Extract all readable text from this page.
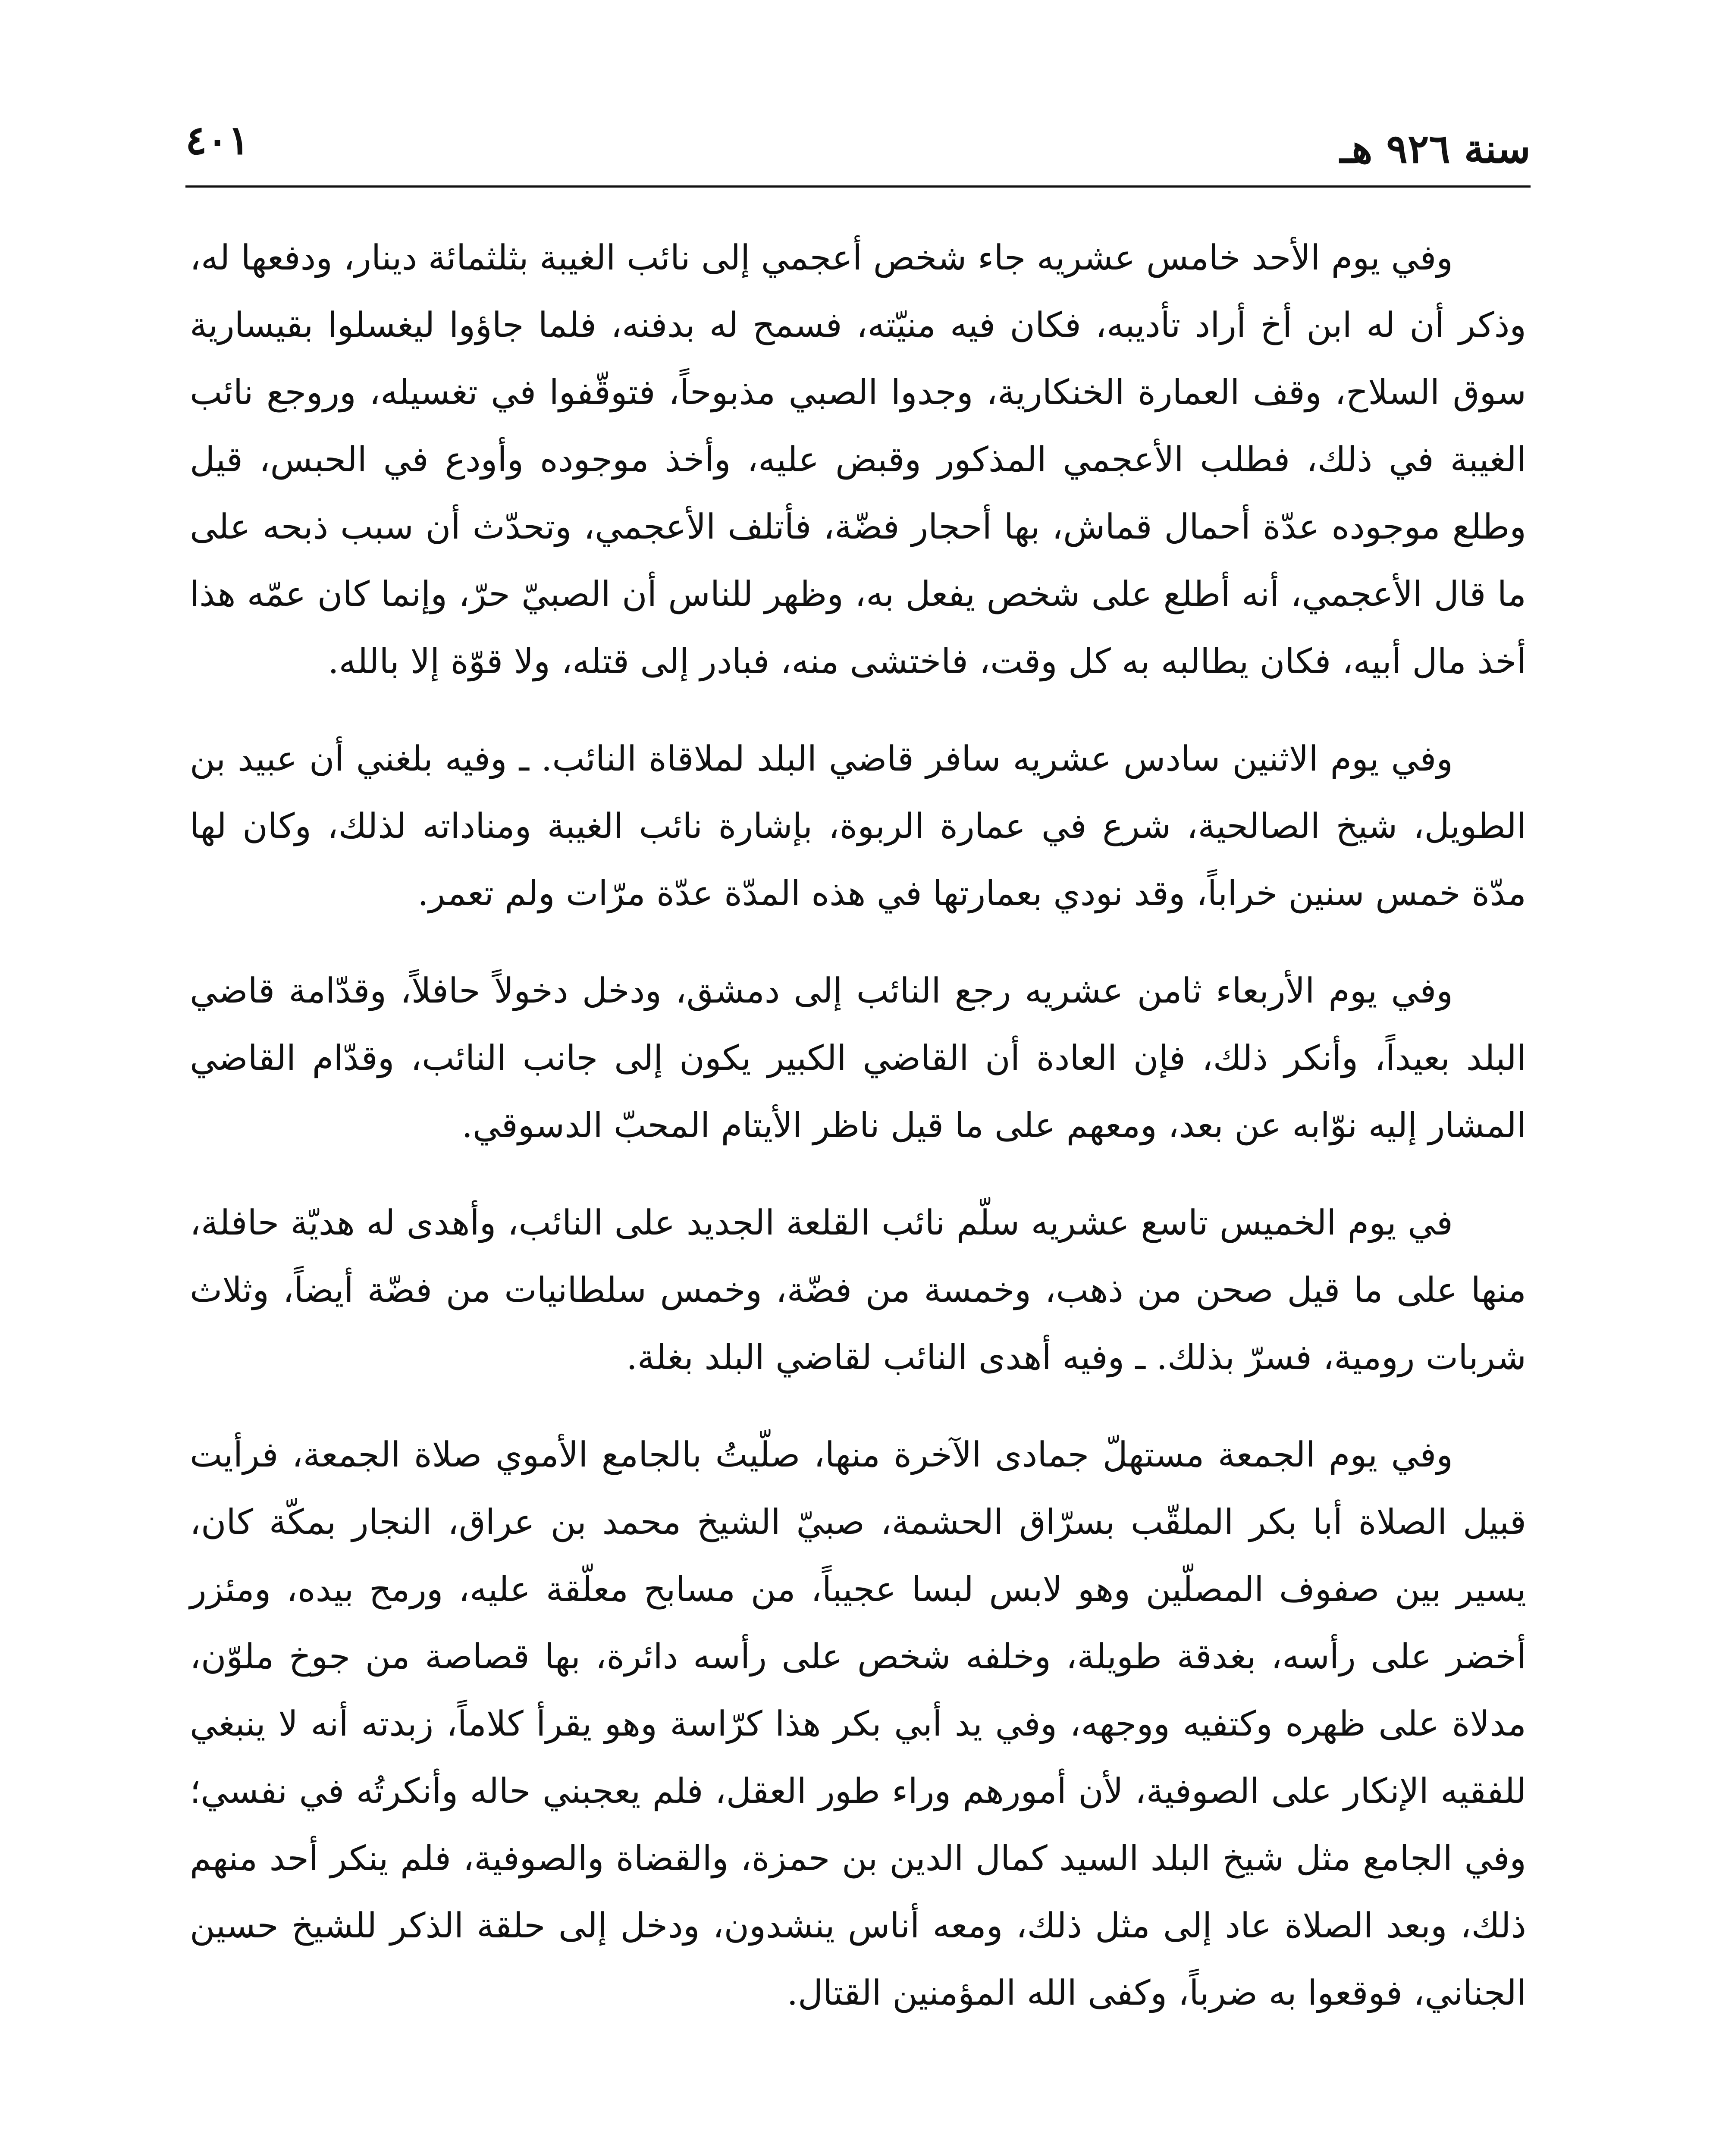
سنة ٩٢٦ هـ
٤٠١

وفي يوم الأحد خامس عشريه جاء شخص أعجمي إلى نائب الغيبة بثلثمائة دينار، ودفعها له، وذكر أن له ابن أخ أراد تأديبه، فكان فيه منيّته، فسمح له بدفنه، فلما جاؤوا ليغسلوا بقيسارية سوق السلاح، وقف العمارة الخنكارية، وجدوا الصبي مذبوحاً، فتوقّفوا في تغسيله، وروجع نائب الغيبة في ذلك، فطلب الأعجمي المذكور وقبض عليه، وأخذ موجوده وأودع في الحبس، قيل وطلع موجوده عدّة أحمال قماش، بها أحجار فضّة، فأتلف الأعجمي، وتحدّث أن سبب ذبحه على ما قال الأعجمي، أنه أطلع على شخص يفعل به، وظهر للناس أن الصبيّ حرّ، وإنما كان عمّه هذا أخذ مال أبيه، فكان يطالبه به كل وقت، فاختشى منه، فبادر إلى قتله، ولا قوّة إلا بالله.

وفي يوم الاثنين سادس عشريه سافر قاضي البلد لملاقاة النائب. ـ وفيه بلغني أن عبيد بن الطويل، شيخ الصالحية، شرع في عمارة الربوة، بإشارة نائب الغيبة ومناداته لذلك، وكان لها مدّة خمس سنين خراباً، وقد نودي بعمارتها في هذه المدّة عدّة مرّات ولم تعمر.

وفي يوم الأربعاء ثامن عشريه رجع النائب إلى دمشق، ودخل دخولاً حافلاً، وقدّامة قاضي البلد بعيداً، وأنكر ذلك، فإن العادة أن القاضي الكبير يكون إلى جانب النائب، وقدّام القاضي المشار إليه نوّابه عن بعد، ومعهم على ما قيل ناظر الأيتام المحبّ الدسوقي.

في يوم الخميس تاسع عشريه سلّم نائب القلعة الجديد على النائب، وأهدى له هديّة حافلة، منها على ما قيل صحن من ذهب، وخمسة من فضّة، وخمس سلطانيات من فضّة أيضاً، وثلاث شربات رومية، فسرّ بذلك. ـ وفيه أهدى النائب لقاضي البلد بغلة.

وفي يوم الجمعة مستهلّ جمادى الآخرة منها، صلّيتُ بالجامع الأموي صلاة الجمعة، فرأيت قبيل الصلاة أبا بكر الملقّب بسرّاق الحشمة، صبيّ الشيخ محمد بن عراق، النجار بمكّة كان، يسير بين صفوف المصلّين وهو لابس لبسا عجيباً، من مسابح معلّقة عليه، ورمح بيده، ومئزر أخضر على رأسه، بغدقة طويلة، وخلفه شخص على رأسه دائرة، بها قصاصة من جوخ ملوّن، مدلاة على ظهره وكتفيه ووجهه، وفي يد أبي بكر هذا كرّاسة وهو يقرأ كلاماً، زبدته أنه لا ينبغي للفقيه الإنكار على الصوفية، لأن أمورهم وراء طور العقل، فلم يعجبني حاله وأنكرتُه في نفسي؛ وفي الجامع مثل شيخ البلد السيد كمال الدين بن حمزة، والقضاة والصوفية، فلم ينكر أحد منهم ذلك، وبعد الصلاة عاد إلى مثل ذلك، ومعه أناس ينشدون، ودخل إلى حلقة الذكر للشيخ حسين الجناني، فوقعوا به ضرباً، وكفى الله المؤمنين القتال.
